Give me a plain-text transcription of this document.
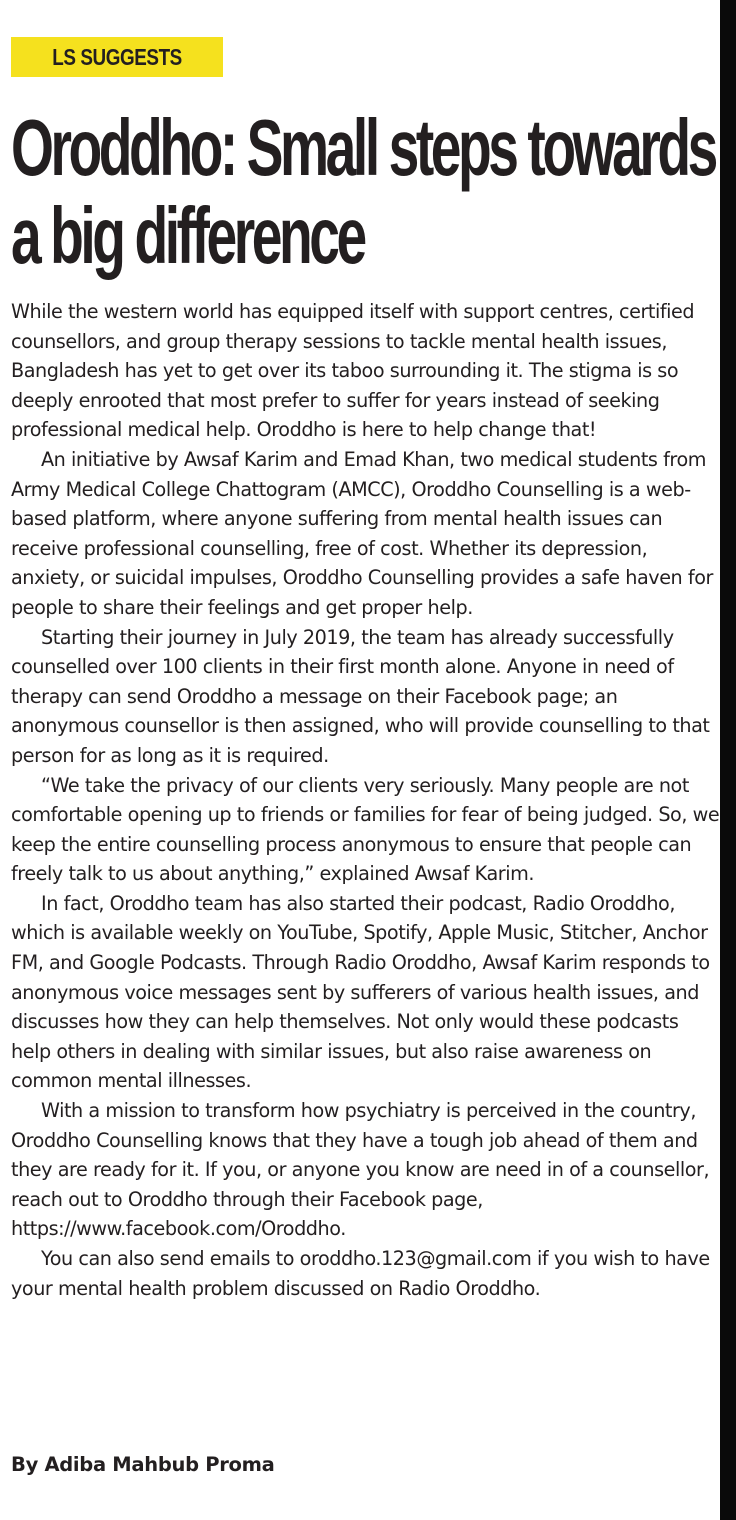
LS SUGGESTS
Oroddho: Small steps towards
a big difference

While the western world has equipped itself with support centres, certified counsellors, and group therapy sessions to tackle mental health issues, Bangladesh has yet to get over its taboo surrounding it. The stigma is so deeply enrooted that most prefer to suffer for years instead of seeking professional medical help. Oroddho is here to help change that!

An initiative by Awsaf Karim and Emad Khan, two medical students from Army Medical College Chattogram (AMCC), Oroddho Counselling is a web-based platform, where anyone suffering from mental health issues can receive professional counselling, free of cost. Whether its depression, anxiety, or suicidal impulses, Oroddho Counselling provides a safe haven for people to share their feelings and get proper help.

Starting their journey in July 2019, the team has already successfully counselled over 100 clients in their first month alone. Anyone in need of therapy can send Oroddho a message on their Facebook page; an anonymous counsellor is then assigned, who will provide counselling to that person for as long as it is required.

“We take the privacy of our clients very seriously. Many people are not comfortable opening up to friends or families for fear of being judged. So, we keep the entire counselling process anonymous to ensure that people can freely talk to us about anything,” explained Awsaf Karim.

In fact, Oroddho team has also started their podcast, Radio Oroddho, which is available weekly on YouTube, Spotify, Apple Music, Stitcher, Anchor FM, and Google Podcasts. Through Radio Oroddho, Awsaf Karim responds to anonymous voice messages sent by sufferers of various health issues, and discusses how they can help themselves. Not only would these podcasts help others in dealing with similar issues, but also raise awareness on common mental illnesses.

With a mission to transform how psychiatry is perceived in the country, Oroddho Counselling knows that they have a tough job ahead of them and they are ready for it. If you, or anyone you know are need in of a counsellor, reach out to Oroddho through their Facebook page, https://www.facebook.com/Oroddho.

You can also send emails to oroddho.123@gmail.com if you wish to have your mental health problem discussed on Radio Oroddho.

By Adiba Mahbub Proma
